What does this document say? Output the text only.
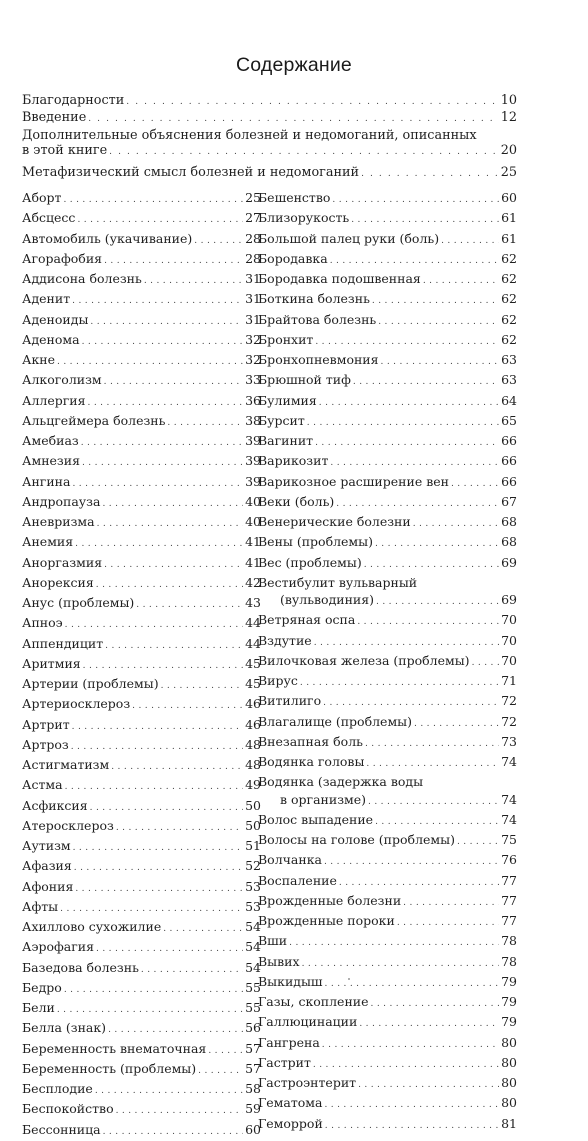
Содержание
Благодарности . . .	10
Введение . . .	12
Дополнительные объяснения болезней и недомоганий, описанных
в этой книге . . .	20
Метафизический смысл болезней и недомоганий . . .	25
Аборт . . .	25
Абсцесс . . .	27
Автомобиль (укачивание) . . .	28
Агорафобия . . .	28
Аддисона болезнь . . .	31
Аденит . . .	31
Аденоиды . . .	31
Аденома . . .	32
Акне . . .	32
Алкоголизм . . .	33
Аллергия . . .	36
Альцгеймера болезнь . . .	38
Амебиаз . . .	39
Амнезия . . .	39
Ангина . . .	39
Андропауза . . .	40
Аневризма . . .	40
Анемия . . .	41
Аноргазмия . . .	41
Анорексия . . .	42
Анус (проблемы) . . .	43
Апноэ . . .	44
Аппендицит . . .	44
Аритмия . . .	45
Артерии (проблемы) . . .	45
Артериосклероз . . .	46
Артрит . . .	46
Артроз . . .	48
Астигматизм . . .	48
Астма . . .	49
Асфиксия . . .	50
Атеросклероз . . .	50
Аутизм . . .	51
Афазия . . .	52
Афония . . .	53
Афты . . .	53
Ахиллово сухожилие . . .	54
Аэрофагия . . .	54
Базедова болезнь . . .	54
Бедро . . .	55
Бели . . .	55
Белла (знак) . . .	56
Беременность внематочная . . .	57
Беременность (проблемы) . . .	57
Бесплодие . . .	58
Беспокойство . . .	59
Бессонница . . .	60
Бешенство . . .	60
Близорукость . . .	61
Большой палец руки (боль) . . .	61
Бородавка . . .	62
Бородавка подошвенная . . .	62
Боткина болезнь . . .	62
Брайтова болезнь . . .	62
Бронхит . . .	62
Бронхопневмония . . .	63
Брюшной тиф . . .	63
Булимия . . .	64
Бурсит . . .	65
Вагинит . . .	66
Варикозит . . .	66
Варикозное расширение вен . . .	66
Веки (боль) . . .	67
Венерические болезни . . .	68
Вены (проблемы) . . .	68
Вес (проблемы) . . .	69
Вестибулит вульварный
(вульводиния) . . .	69
Ветряная оспа . . .	70
Вздутие . . .	70
Вилочковая железа (проблемы) . . .	70
Вирус . . .	71
Витилиго . . .	72
Влагалище (проблемы) . . .	72
Внезапная боль . . .	73
Водянка головы . . .	74
Водянка (задержка воды
в организме) . . .	74
Волос выпадение . . .	74
Волосы на голове (проблемы) . . .	75
Волчанка . . .	76
Воспаление . . .	77
Врожденные болезни . . .	77
Врожденные пороки . . .	77
Вши . . .	78
Вывих . . .	78
Выкидыш . . .	79
Газы, скопление . . .	79
Галлюцинации . . .	79
Гангрена . . .	80
Гастрит . . .	80
Гастроэнтерит . . .	80
Гематома . . .	80
Геморрой . . .	81
